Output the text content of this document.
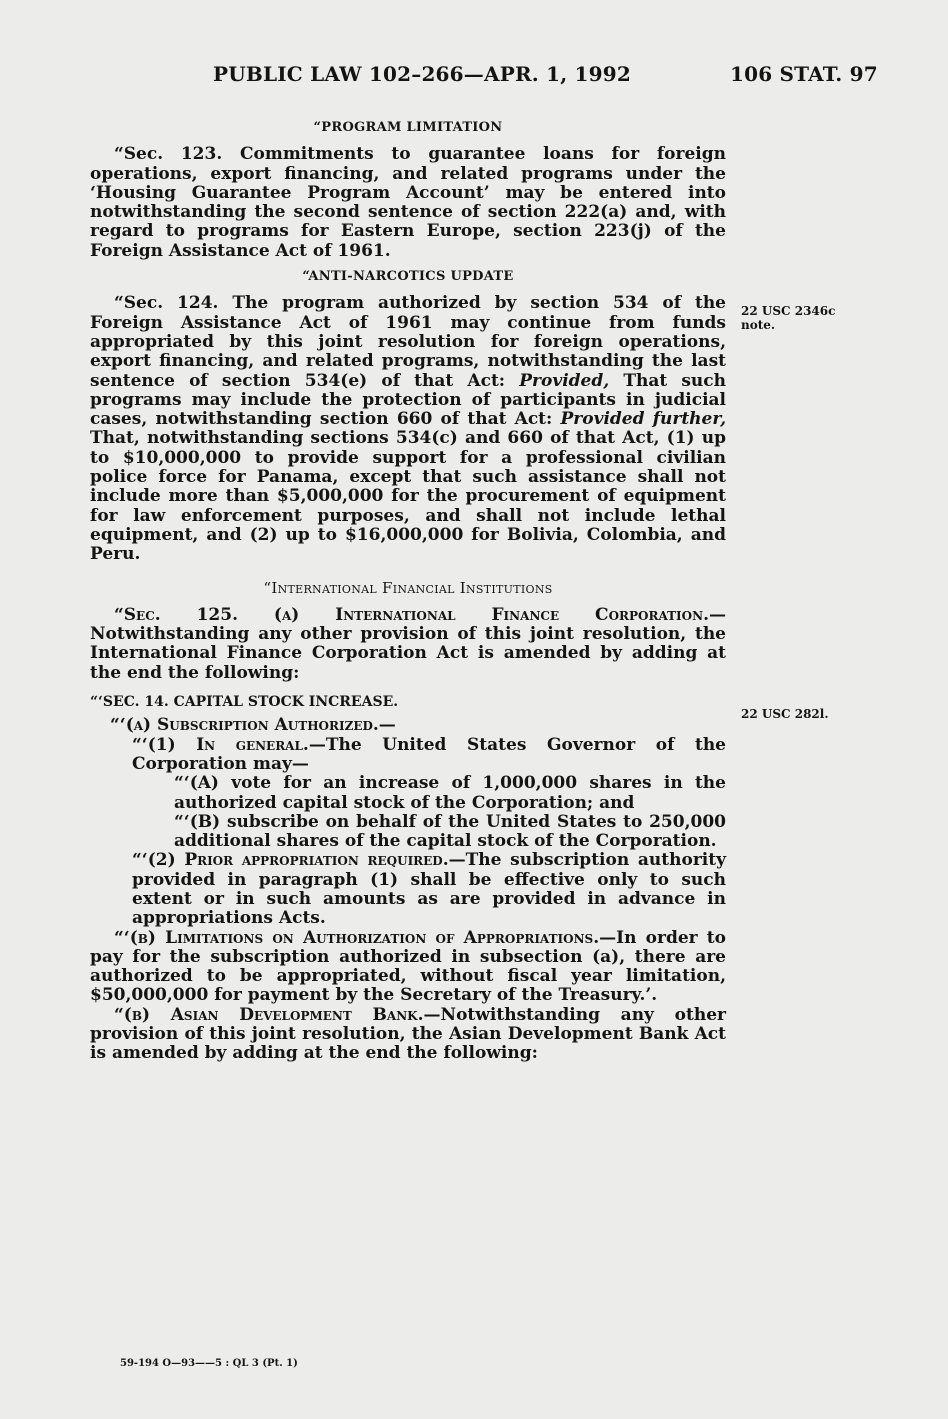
PUBLIC LAW 102–266—APR. 1, 1992	106 STAT. 97

“PROGRAM LIMITATION

“Sec. 123. Commitments to guarantee loans for foreign operations, export financing, and related programs under the ‘Housing Guarantee Program Account’ may be entered into notwithstanding the second sentence of section 222(a) and, with regard to programs for Eastern Europe, section 223(j) of the Foreign Assistance Act of 1961.

“ANTI-NARCOTICS UPDATE

“Sec. 124. The program authorized by section 534 of the Foreign Assistance Act of 1961 may continue from funds appropriated by this joint resolution for foreign operations, export financing, and related programs, notwithstanding the last sentence of section 534(e) of that Act: Provided, That such programs may include the protection of participants in judicial cases, notwithstanding section 660 of that Act: Provided further, That, notwithstanding sections 534(c) and 660 of that Act, (1) up to $10,000,000 to provide support for a professional civilian police force for Panama, except that such assistance shall not include more than $5,000,000 for the procurement of equipment for law enforcement purposes, and shall not include lethal equipment, and (2) up to $16,000,000 for Bolivia, Colombia, and Peru.

“International Financial Institutions

“Sec. 125. (a) International Finance Corporation.—Notwithstanding any other provision of this joint resolution, the International Finance Corporation Act is amended by adding at the end the following:

“‘SEC. 14. CAPITAL STOCK INCREASE.

“‘(a) Subscription Authorized.—

“‘(1) In general.—The United States Governor of the Corporation may—

“‘(A) vote for an increase of 1,000,000 shares in the authorized capital stock of the Corporation; and

“‘(B) subscribe on behalf of the United States to 250,000 additional shares of the capital stock of the Corporation.

“‘(2) Prior appropriation required.—The subscription authority provided in paragraph (1) shall be effective only to such extent or in such amounts as are provided in advance in appropriations Acts.

“‘(b) Limitations on Authorization of Appropriations.—In order to pay for the subscription authorized in subsection (a), there are authorized to be appropriated, without fiscal year limitation, $50,000,000 for payment by the Secretary of the Treasury.’.

“(b) Asian Development Bank.—Notwithstanding any other provision of this joint resolution, the Asian Development Bank Act is amended by adding at the end the following:

22 USC 2346c
note.
22 USC 282l.
59-194 O—93——5 : QL 3 (Pt. 1)
